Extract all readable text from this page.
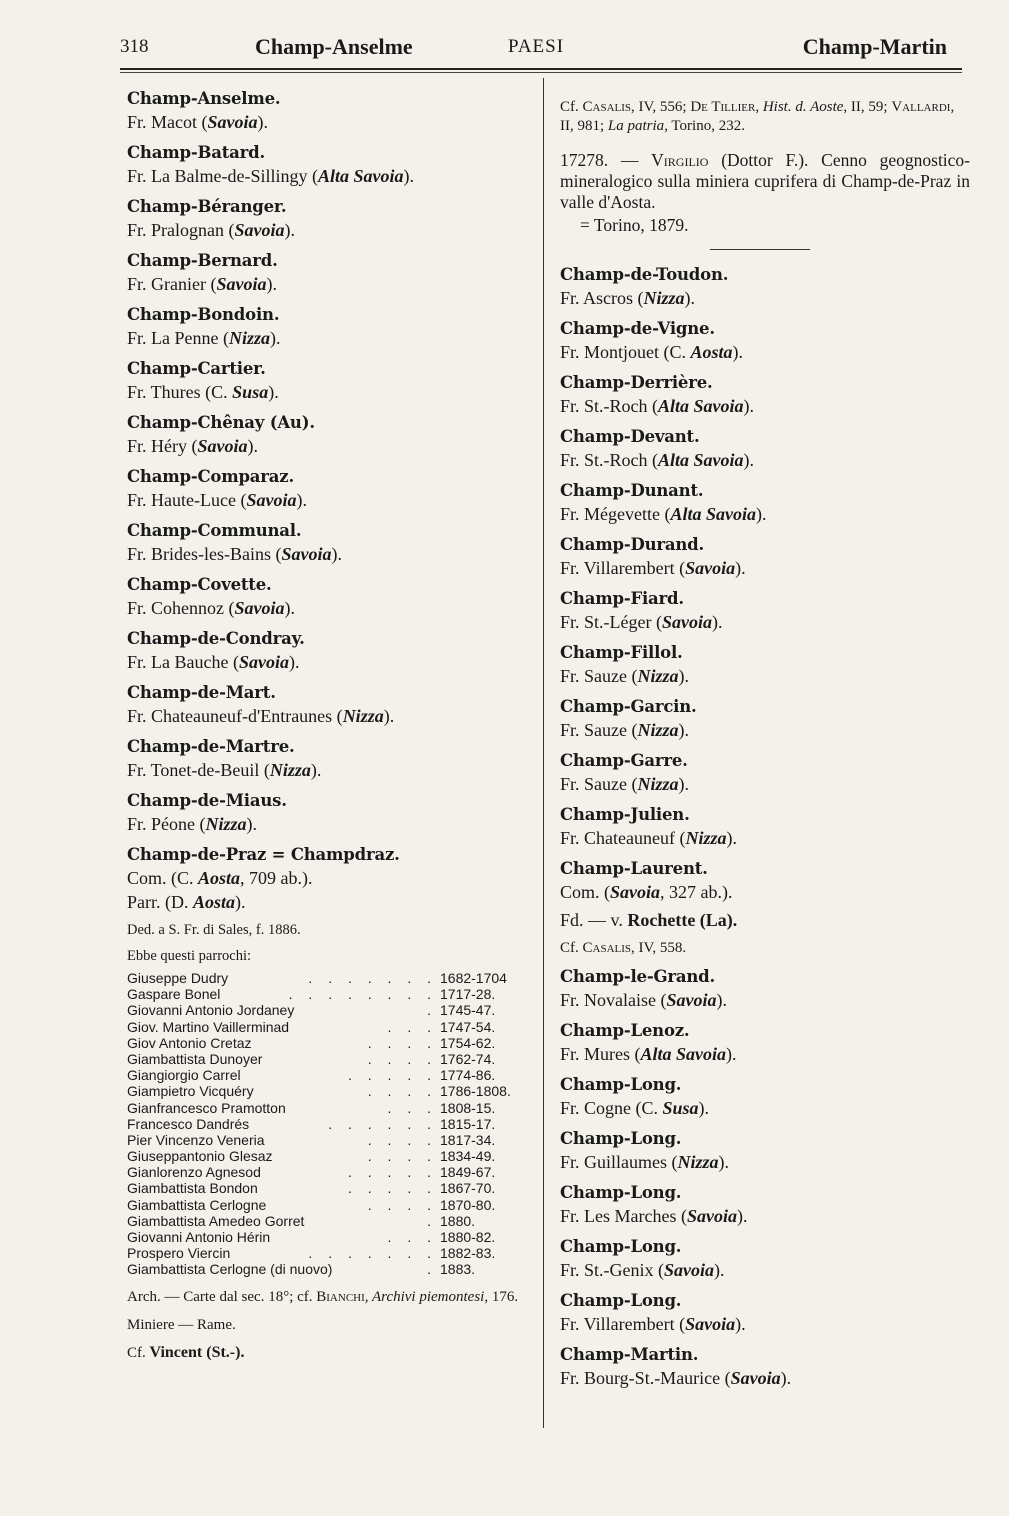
318	Champ-Anselme	PAESI	Champ-Martin
Champ-Anselme.
Fr. Macot (Savoia).
Champ-Batard.
Fr. La Balme-de-Sillingy (Alta Savoia).
Champ-Béranger.
Fr. Pralognan (Savoia).
Champ-Bernard.
Fr. Granier (Savoia).
Champ-Bondoin.
Fr. La Penne (Nizza).
Champ-Cartier.
Fr. Thures (C. Susa).
Champ-Chênay (Au).
Fr. Héry (Savoia).
Champ-Comparaz.
Fr. Haute-Luce (Savoia).
Champ-Communal.
Fr. Brides-les-Bains (Savoia).
Champ-Covette.
Fr. Cohennoz (Savoia).
Champ-de-Condray.
Fr. La Bauche (Savoia).
Champ-de-Mart.
Fr. Chateauneuf-d'Entraunes (Nizza).
Champ-de-Martre.
Fr. Tonet-de-Beuil (Nizza).
Champ-de-Miaus.
Fr. Péone (Nizza).
Champ-de-Praz = Champdraz.
Com. (C. Aosta, 709 ab.).
Parr. (D. Aosta).
Ded. a S. Fr. di Sales, f. 1886.
Ebbe questi parrochi:
. . . . . . .
Giuseppe Dudry	1682-1704
. . . . . . . .
Gaspare Bonel	1717-28.
.
Giovanni Antonio Jordaney	1745-47.
. . .
Giov. Martino Vaillerminad	1747-54.
. . . .
Giov Antonio Cretaz	1754-62.
. . . .
Giambattista Dunoyer	1762-74.
. . . . .
Giangiorgio Carrel	1774-86.
. . . .
Giampietro Vicquéry	1786-1808.
. . .
Gianfrancesco Pramotton	1808-15.
. . . . . .
Francesco Dandrés	1815-17.
. . . .
Pier Vincenzo Veneria	1817-34.
. . . .
Giuseppantonio Glesaz	1834-49.
. . . . .
Gianlorenzo Agnesod	1849-67.
. . . . .
Giambattista Bondon	1867-70.
. . . .
Giambattista Cerlogne	1870-80.
.
Giambattista Amedeo Gorret	1880.
. . .
Giovanni Antonio Hérin	1880-82.
. . . . . . .
Prospero Viercin	1882-83.
.
Giambattista Cerlogne (di nuovo)	1883.
Arch. — Carte dal sec. 18°; cf. Bianchi, Archivi piemontesi, 176.
Miniere — Rame.
Cf. Vincent (St.-).
Cf. Casalis, IV, 556; De Tillier, Hist. d. Aoste, II, 59; Vallardi, II, 981; La patria, Torino, 232.
17278. — Virgilio (Dottor F.). Cenno geognostico-mineralogico sulla miniera cuprifera di Champ-de-Praz in valle d'Aosta.
= Torino, 1879.
Champ-de-Toudon.
Fr. Ascros (Nizza).
Champ-de-Vigne.
Fr. Montjouet (C. Aosta).
Champ-Derrière.
Fr. St.-Roch (Alta Savoia).
Champ-Devant.
Fr. St.-Roch (Alta Savoia).
Champ-Dunant.
Fr. Mégevette (Alta Savoia).
Champ-Durand.
Fr. Villarembert (Savoia).
Champ-Fiard.
Fr. St.-Léger (Savoia).
Champ-Fillol.
Fr. Sauze (Nizza).
Champ-Garcin.
Fr. Sauze (Nizza).
Champ-Garre.
Fr. Sauze (Nizza).
Champ-Julien.
Fr. Chateauneuf (Nizza).
Champ-Laurent.
Com. (Savoia, 327 ab.).
Fd. — v. Rochette (La).
Cf. Casalis, IV, 558.
Champ-le-Grand.
Fr. Novalaise (Savoia).
Champ-Lenoz.
Fr. Mures (Alta Savoia).
Champ-Long.
Fr. Cogne (C. Susa).
Champ-Long.
Fr. Guillaumes (Nizza).
Champ-Long.
Fr. Les Marches (Savoia).
Champ-Long.
Fr. St.-Genix (Savoia).
Champ-Long.
Fr. Villarembert (Savoia).
Champ-Martin.
Fr. Bourg-St.-Maurice (Savoia).
